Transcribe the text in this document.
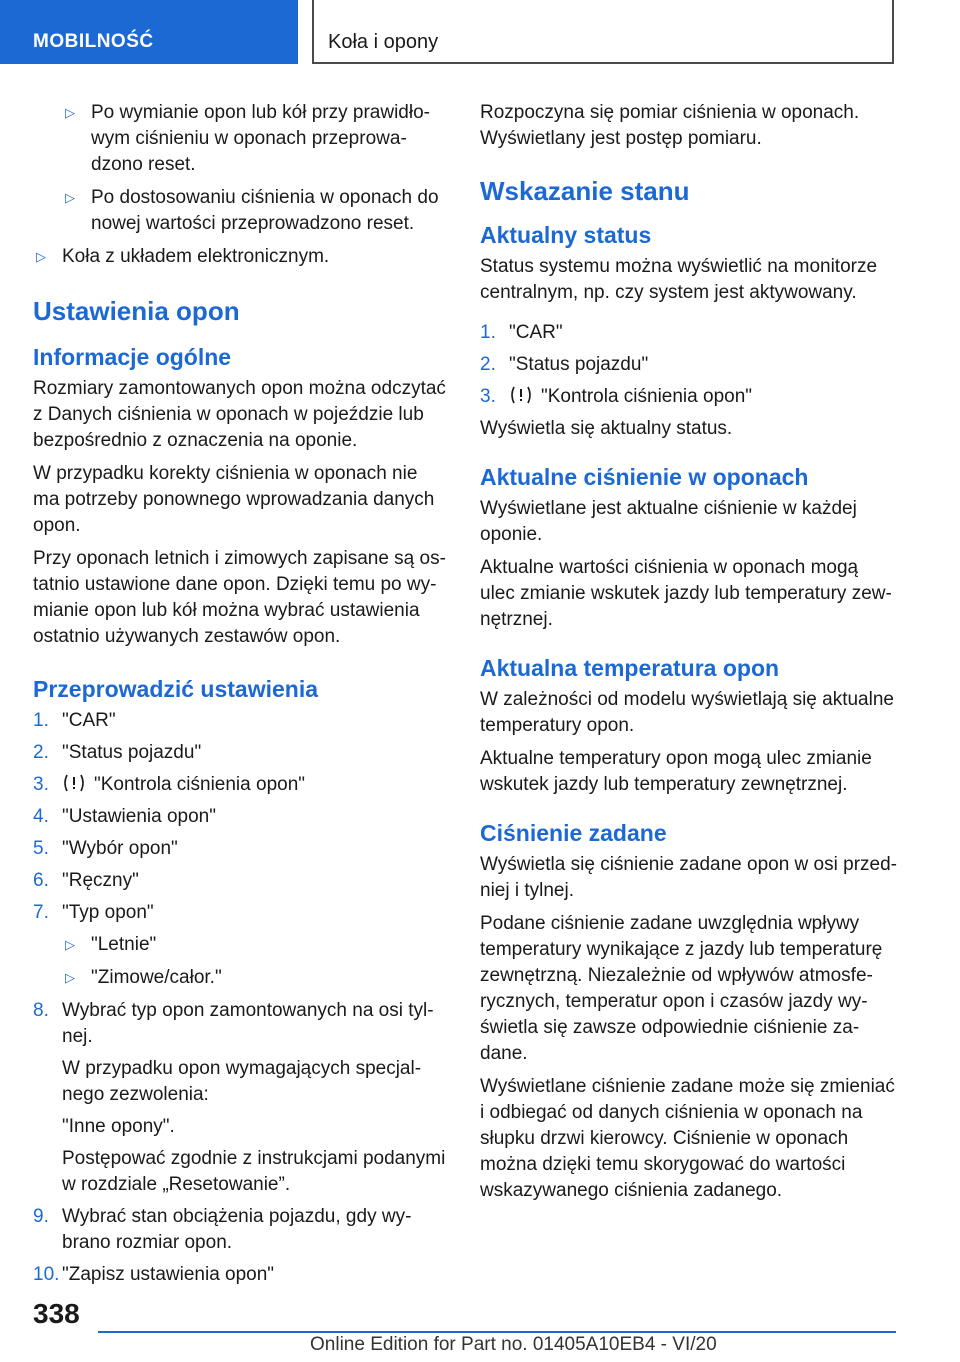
MOBILNOŚĆ	Koła i opony
▷ Po wymianie opon lub kół przy prawidłowym ciśnieniu w oponach przeprowadzono reset.
▷ Po dostosowaniu ciśnienia w oponach do nowej wartości przeprowadzono reset.
▷ Koła z układem elektronicznym.
Ustawienia opon
Informacje ogólne

Rozmiary zamontowanych opon można odczytać z Danych ciśnienia w oponach w pojeździe lub bezpośrednio z oznaczenia na oponie.

W przypadku korekty ciśnienia w oponach nie ma potrzeby ponownego wprowadzania danych opon.

Przy oponach letnich i zimowych zapisane są ostatnio ustawione dane opon. Dzięki temu po wymianie opon lub kół można wybrać ustawienia ostatnio używanych zestawów opon.

Przeprowadzić ustawienia
1. "CAR"
2. "Status pojazdu"
3. "Kontrola ciśnienia opon"
4. "Ustawienia opon"
5. "Wybór opon"
6. "Ręczny"
7. "Typ opon"
▷ "Letnie"
▷ "Zimowe/całor."
8. Wybrać typ opon zamontowanych na osi tylnej.
W przypadku opon wymagających specjalnego zezwolenia:
"Inne opony".
Postępować zgodnie z instrukcjami podanymi w rozdziale „Resetowanie”.
9. Wybrać stan obciążenia pojazdu, gdy wybrano rozmiar opon.
10. "Zapisz ustawienia opon"

Rozpoczyna się pomiar ciśnienia w oponach. Wyświetlany jest postęp pomiaru.

Wskazanie stanu
Aktualny status

Status systemu można wyświetlić na monitorze centralnym, np. czy system jest aktywowany.

1. "CAR"
2. "Status pojazdu"
3. "Kontrola ciśnienia opon"

Wyświetla się aktualny status.

Aktualne ciśnienie w oponach

Wyświetlane jest aktualne ciśnienie w każdej oponie.

Aktualne wartości ciśnienia w oponach mogą ulec zmianie wskutek jazdy lub temperatury zewnętrznej.

Aktualna temperatura opon

W zależności od modelu wyświetlają się aktualne temperatury opon.

Aktualne temperatury opon mogą ulec zmianie wskutek jazdy lub temperatury zewnętrznej.

Ciśnienie zadane

Wyświetla się ciśnienie zadane opon w osi przedniej i tylnej.

Podane ciśnienie zadane uwzględnia wpływy temperatury wynikające z jazdy lub temperaturę zewnętrzną. Niezależnie od wpływów atmosferycznych, temperatur opon i czasów jazdy wyświetla się zawsze odpowiednie ciśnienie zadane.

Wyświetlane ciśnienie zadane może się zmieniać i odbiegać od danych ciśnienia w oponach na słupku drzwi kierowcy. Ciśnienie w oponach można dzięki temu skorygować do wartości wskazywanego ciśnienia zadanego.

338
Online Edition for Part no. 01405A10EB4 - VI/20
